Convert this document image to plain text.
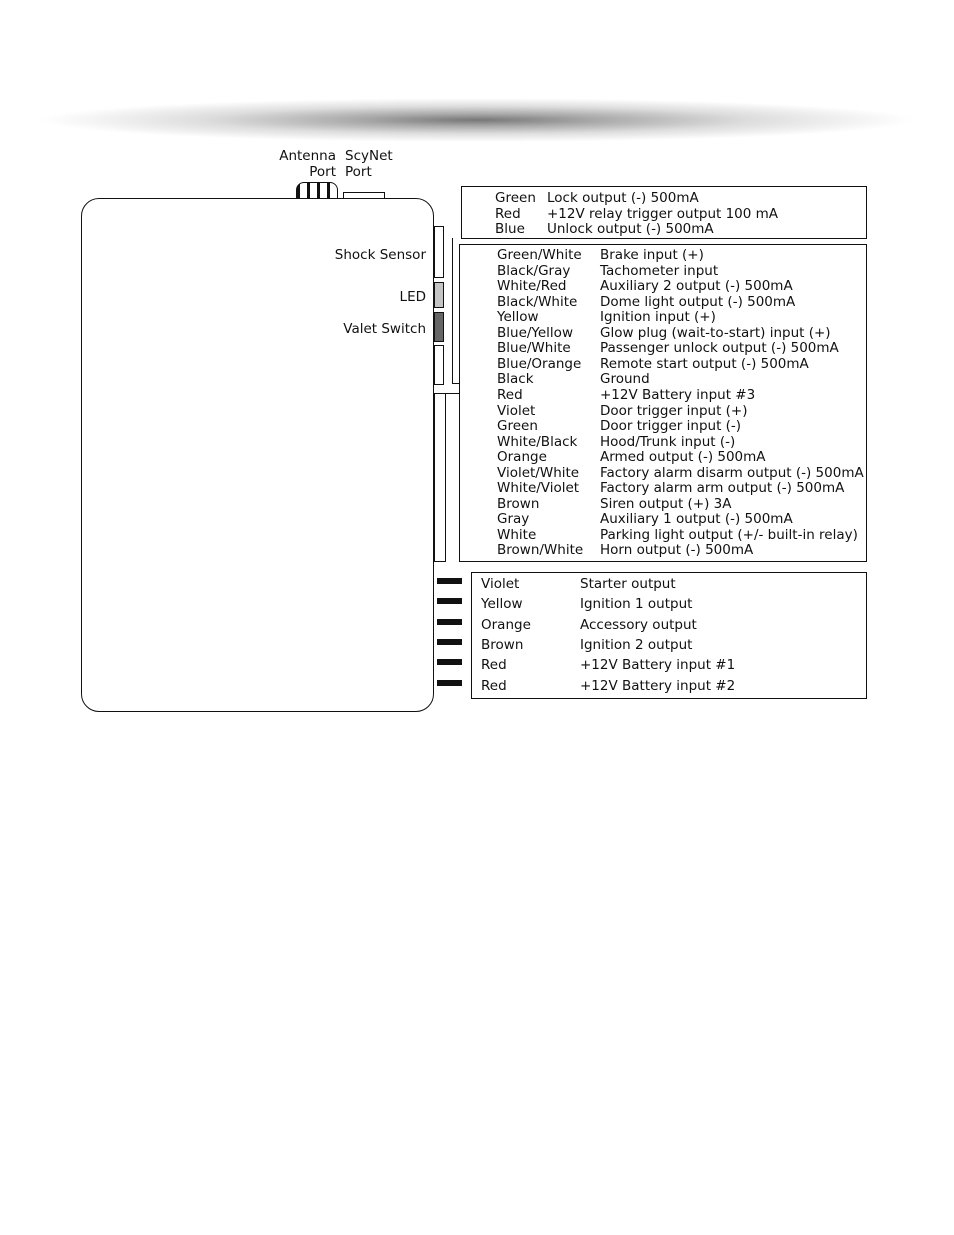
Antenna
Port
ScyNet
Port
Shock Sensor
LED
Valet Switch
Green Lock output (-) 500mA
Red +12V relay trigger output 100 mA
Blue Unlock output (-) 500mA
Green/White Brake input (+)
Black/Gray Tachometer input
White/Red Auxiliary 2 output (-) 500mA
Black/White Dome light output (-) 500mA
Yellow	Ignition input (+)
Blue/Yellow Glow plug (wait-to-start) input (+)
Blue/White Passenger unlock output (-) 500mA
Blue/Orange Remote start output (-) 500mA
Black	Ground
Red	+12V Battery input #3
Violet	Door trigger input (+)
Green	Door trigger input (-)
White/Black Hood/Trunk input (-)
Orange	Armed output (-) 500mA
Violet/White Factory alarm disarm output (-) 500mA
White/Violet Factory alarm arm output (-) 500mA
Brown	Siren output (+) 3A
Gray	Auxiliary 1 output (-) 500mA
White	Parking light output (+/- built-in relay)
Brown/White Horn output (-) 500mA
Violet	Starter output
Yellow	Ignition 1 output
Orange	Accessory output
Brown	Ignition 2 output
Red	+12V Battery input #1
Red	+12V Battery input #2
